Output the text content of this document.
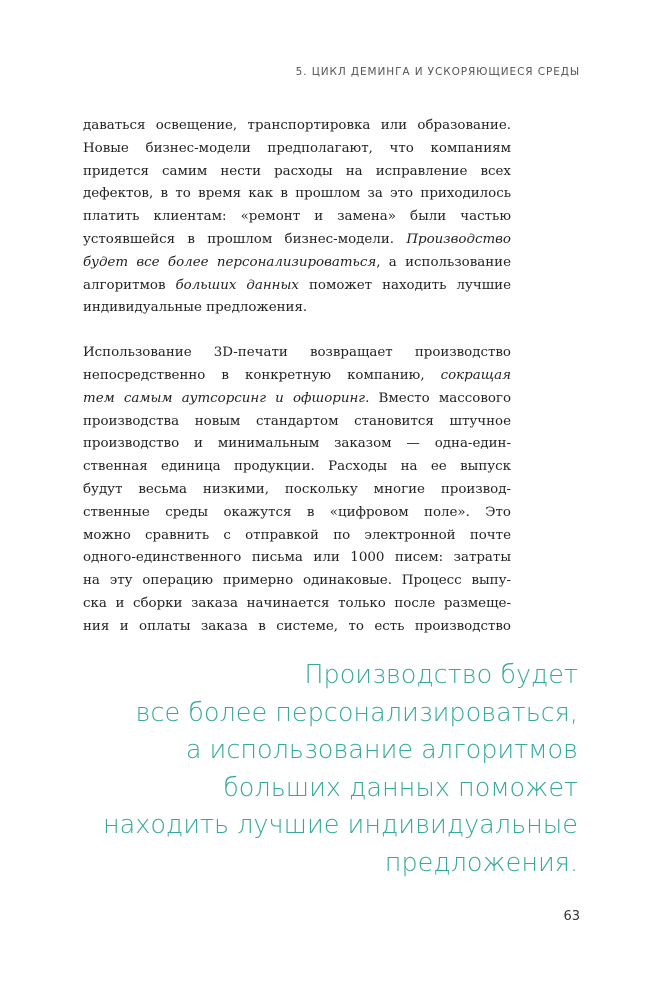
5. ЦИКЛ ДЕМИНГА И УСКОРЯЮЩИЕСЯ СРЕДЫ
даваться освещение, транспортировка или образование.
Новые бизнес-модели предполагают, что компаниям
придется самим нести расходы на исправление всех
дефектов, в то время как в прошлом за это приходилось
платить клиентам: «ремонт и замена» были частью
устоявшейся в прошлом бизнес-модели. Производство
будет все более персонализироваться, а использование
алгоритмов больших данных поможет находить лучшие
индивидуальные предложения.
Использование 3D-печати возвращает производство
непосредственно в конкретную компанию, сокращая
тем самым аутсорсинг и офшоринг. Вместо массового
производства новым стандартом становится штучное
производство и минимальным заказом — одна-един-
ственная единица продукции. Расходы на ее выпуск
будут весьма низкими, поскольку многие производ-
ственные среды окажутся в «цифровом поле». Это
можно сравнить с отправкой по электронной почте
одного-единственного письма или 1000 писем: затраты
на эту операцию примерно одинаковые. Процесс выпу-
ска и сборки заказа начинается только после размеще-
ния и оплаты заказа в системе, то есть производство
Производство будет
все более персонализироваться,
а использование алгоритмов
больших данных поможет
находить лучшие индивидуальные
предложения.
63
